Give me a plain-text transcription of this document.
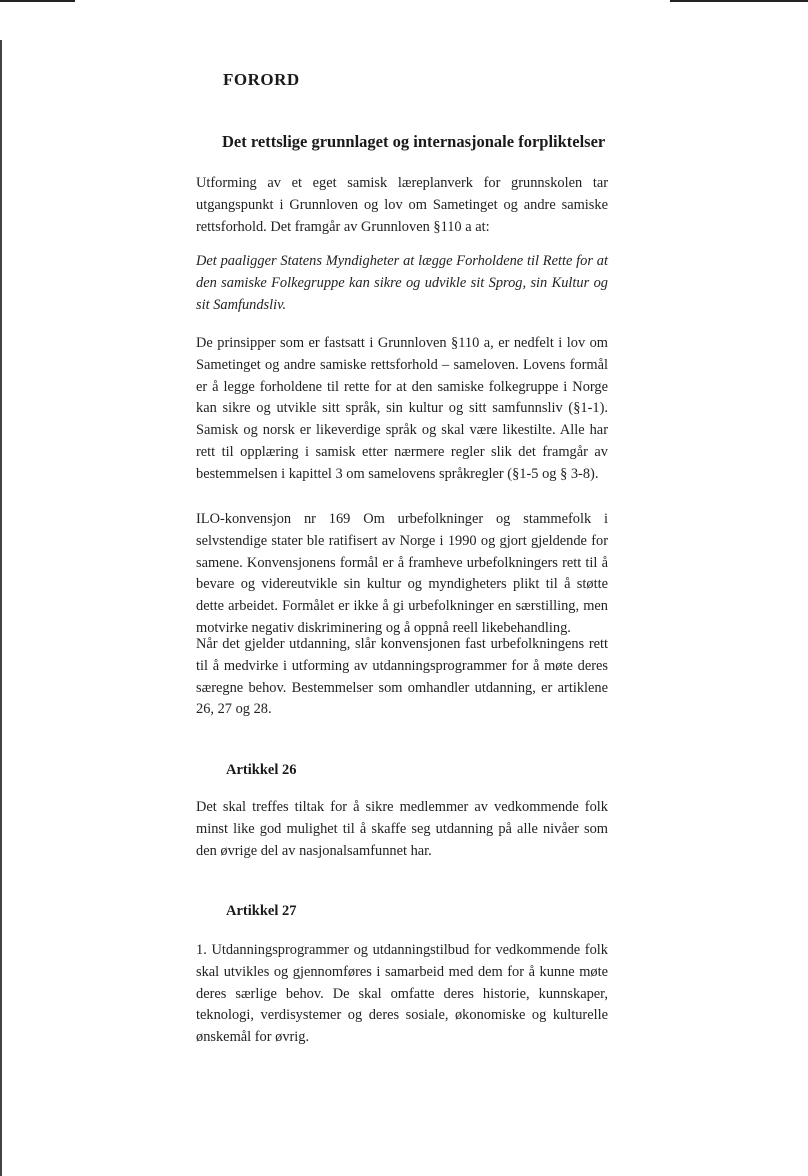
FORORD
Det rettslige grunnlaget og internasjonale forpliktelser

Utforming av et eget samisk læreplanverk for grunnskolen tar utgangspunkt i Grunnloven og lov om Sametinget og andre samiske rettsforhold. Det framgår av Grunnloven §110 a at:

Det paaligger Statens Myndigheter at lægge Forholdene til Rette for at den samiske Folkegruppe kan sikre og udvikle sit Sprog, sin Kultur og sit Samfundsliv.

De prinsipper som er fastsatt i Grunnloven §110 a, er nedfelt i lov om Sametinget og andre samiske rettsforhold – sameloven. Lovens formål er å legge forholdene til rette for at den samiske folkegruppe i Norge kan sikre og utvikle sitt språk, sin kultur og sitt samfunnsliv (§1-1). Samisk og norsk er likeverdige språk og skal være likestilte. Alle har rett til opplæring i samisk etter nærmere regler slik det framgår av bestemmelsen i kapittel 3 om samelovens språkregler (§1-5 og § 3-8).

ILO-konvensjon nr 169 Om urbefolkninger og stammefolk i selvstendige stater ble ratifisert av Norge i 1990 og gjort gjeldende for samene. Konvensjonens formål er å framheve urbefolkningers rett til å bevare og videreutvikle sin kultur og myndigheters plikt til å støtte dette arbeidet. Formålet er ikke å gi urbefolkninger en særstilling, men motvirke negativ diskriminering og å oppnå reell likebehandling.

Når det gjelder utdanning, slår konvensjonen fast urbefolkningens rett til å medvirke i utforming av utdanningsprogrammer for å møte deres særegne behov. Bestemmelser som omhandler utdanning, er artiklene 26, 27 og 28.

Artikkel 26

Det skal treffes tiltak for å sikre medlemmer av vedkommende folk minst like god mulighet til å skaffe seg utdanning på alle nivåer som den øvrige del av nasjonalsamfunnet har.

Artikkel 27

1. Utdanningsprogrammer og utdanningstilbud for vedkommende folk skal utvikles og gjennomføres i samarbeid med dem for å kunne møte deres særlige behov. De skal omfatte deres historie, kunnskaper, teknologi, verdisystemer og deres sosiale, økonomiske og kulturelle ønskemål for øvrig.
